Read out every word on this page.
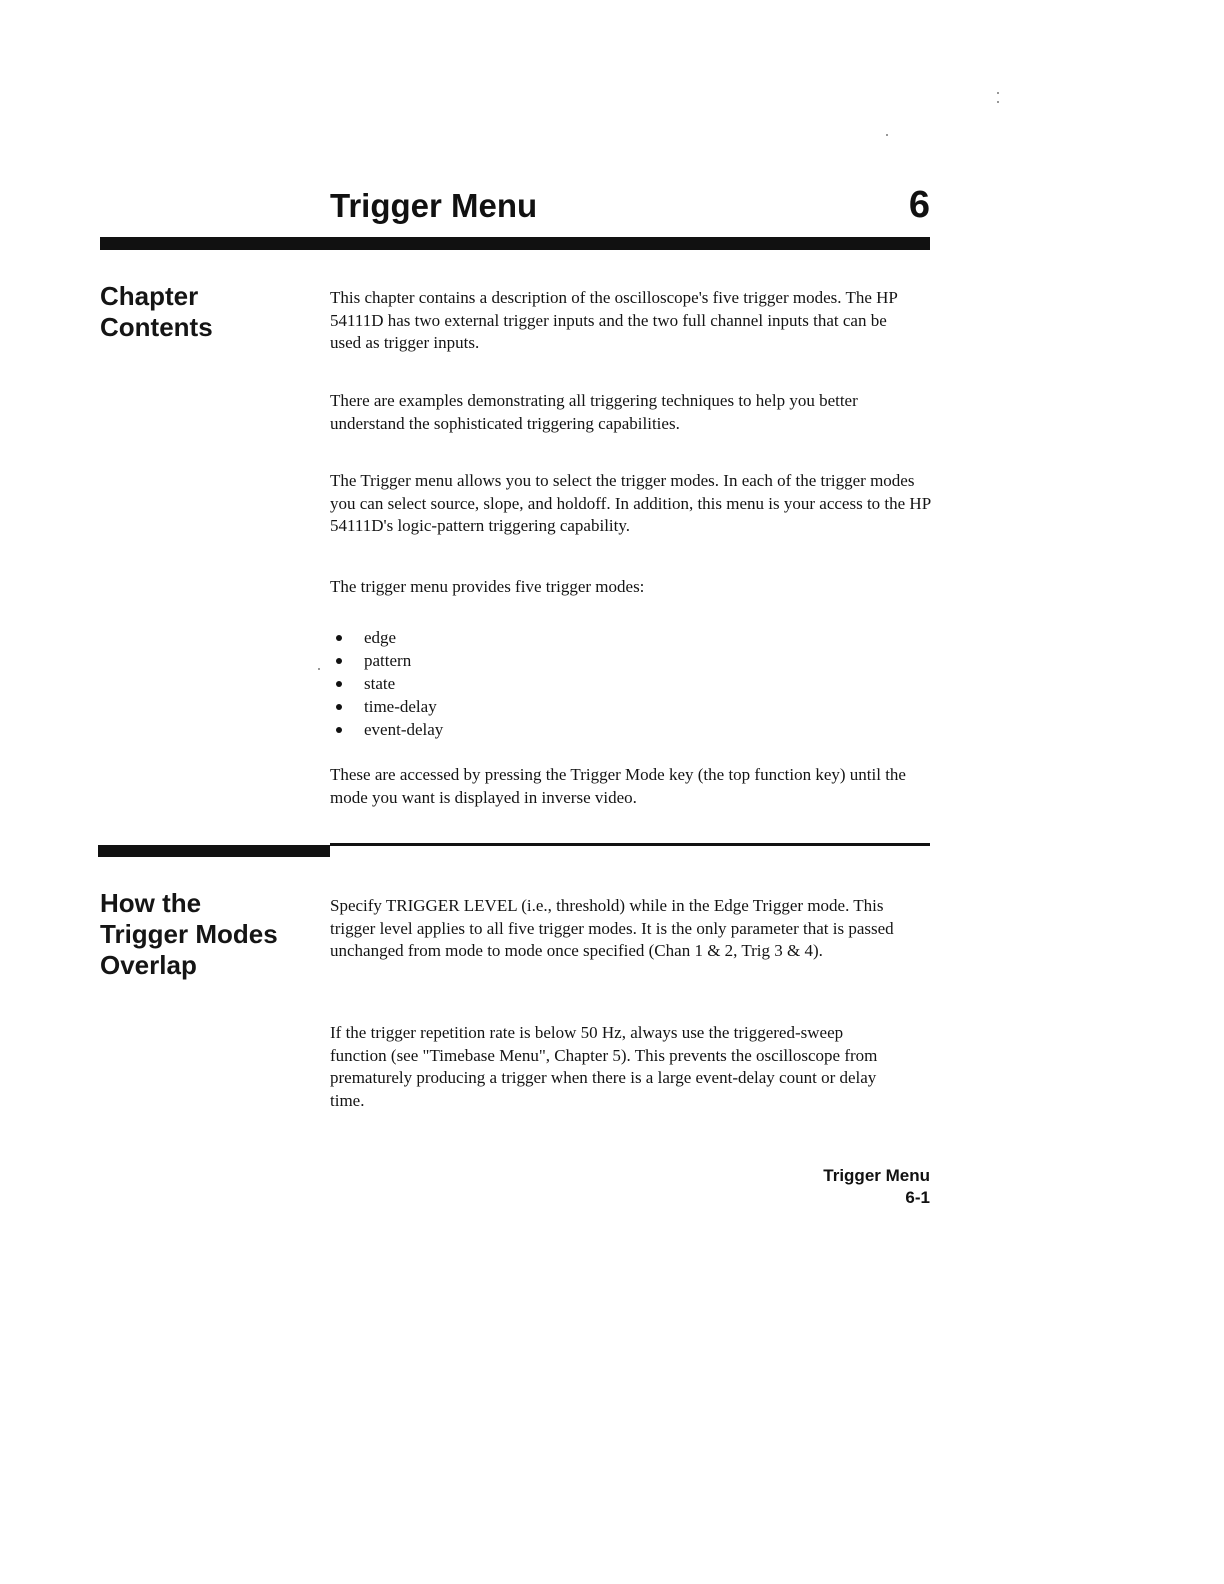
Trigger Menu	6
Chapter
Contents

This chapter contains a description of the oscilloscope's five trigger modes. The HP 54111D has two external trigger inputs and the two full channel inputs that can be used as trigger inputs.

There are examples demonstrating all triggering techniques to help you better understand the sophisticated triggering capabilities.

The Trigger menu allows you to select the trigger modes. In each of the trigger modes you can select source, slope, and holdoff. In addition, this menu is your access to the HP 54111D's logic-pattern triggering capability.

The trigger menu provides five trigger modes:

edge
pattern
state
time-delay
event-delay

These are accessed by pressing the Trigger Mode key (the top function key) until the mode you want is displayed in inverse video.

How the
Trigger Modes
Overlap

Specify TRIGGER LEVEL (i.e., threshold) while in the Edge Trigger mode. This trigger level applies to all five trigger modes. It is the only parameter that is passed unchanged from mode to mode once specified (Chan 1 & 2, Trig 3 & 4).

If the trigger repetition rate is below 50 Hz, always use the triggered-sweep function (see "Timebase Menu", Chapter 5). This prevents the oscilloscope from prematurely producing a trigger when there is a large event-delay count or delay time.

Trigger Menu
6-1
